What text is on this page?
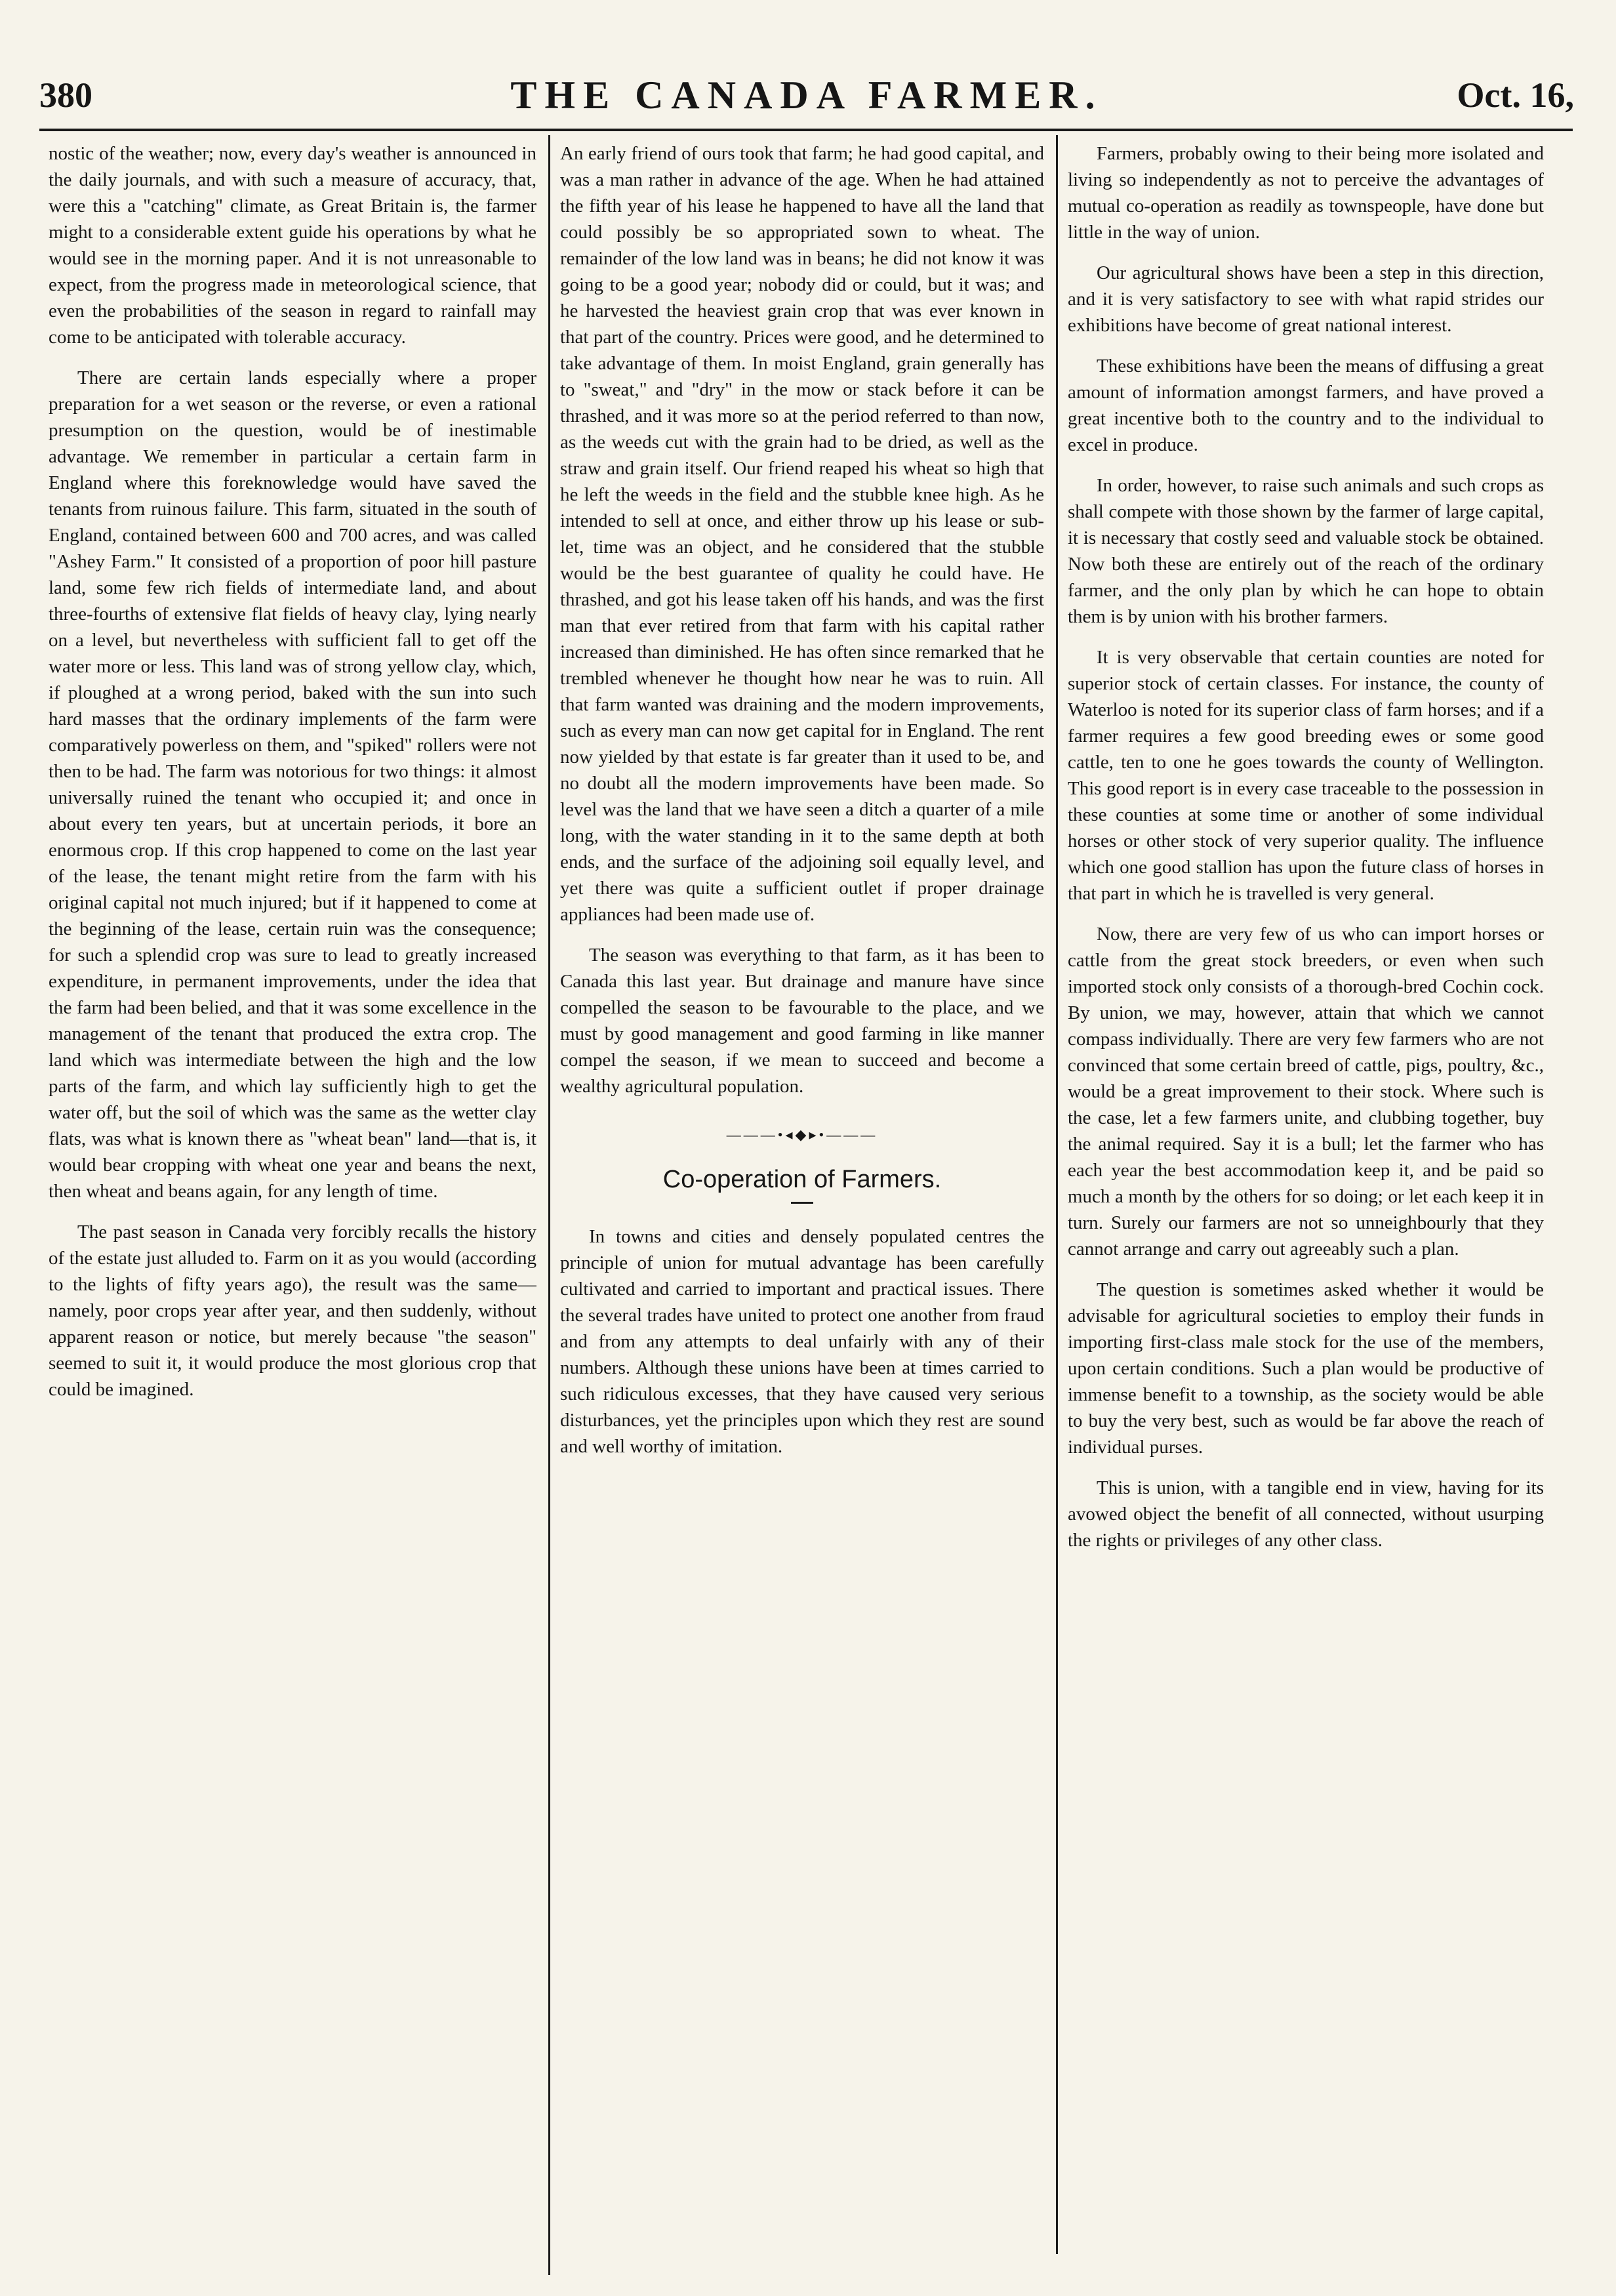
THE CANADA FARMER.
380	Oct. 16,

nostic of the weather; now, every day's weather is announced in the daily journals, and with such a measure of accuracy, that, were this a "catching" climate, as Great Britain is, the farmer might to a considerable extent guide his operations by what he would see in the morning paper. And it is not unreasonable to expect, from the progress made in meteorological science, that even the probabilities of the season in regard to rainfall may come to be anticipated with tolerable accuracy.

There are certain lands especially where a proper preparation for a wet season or the reverse, or even a rational presumption on the question, would be of inestimable advantage. We remember in particular a certain farm in England where this foreknowledge would have saved the tenants from ruinous failure. This farm, situated in the south of England, contained between 600 and 700 acres, and was called "Ashey Farm." It consisted of a proportion of poor hill pasture land, some few rich fields of intermediate land, and about three-fourths of extensive flat fields of heavy clay, lying nearly on a level, but nevertheless with sufficient fall to get off the water more or less. This land was of strong yellow clay, which, if ploughed at a wrong period, baked with the sun into such hard masses that the ordinary implements of the farm were comparatively powerless on them, and "spiked" rollers were not then to be had. The farm was notorious for two things: it almost universally ruined the tenant who occupied it; and once in about every ten years, but at uncertain periods, it bore an enormous crop. If this crop happened to come on the last year of the lease, the tenant might retire from the farm with his original capital not much injured; but if it happened to come at the beginning of the lease, certain ruin was the consequence; for such a splendid crop was sure to lead to greatly increased expenditure, in permanent improvements, under the idea that the farm had been belied, and that it was some excellence in the management of the tenant that produced the extra crop. The land which was intermediate between the high and the low parts of the farm, and which lay sufficiently high to get the water off, but the soil of which was the same as the wetter clay flats, was what is known there as "wheat bean" land—that is, it would bear cropping with wheat one year and beans the next, then wheat and beans again, for any length of time.

The past season in Canada very forcibly recalls the history of the estate just alluded to. Farm on it as you would (according to the lights of fifty years ago), the result was the same—namely, poor crops year after year, and then suddenly, without apparent reason or notice, but merely because "the season" seemed to suit it, it would produce the most glorious crop that could be imagined.

An early friend of ours took that farm; he had good capital, and was a man rather in advance of the age. When he had attained the fifth year of his lease he happened to have all the land that could possibly be so appropriated sown to wheat. The remainder of the low land was in beans; he did not know it was going to be a good year; nobody did or could, but it was; and he harvested the heaviest grain crop that was ever known in that part of the country. Prices were good, and he determined to take advantage of them. In moist England, grain generally has to "sweat," and "dry" in the mow or stack before it can be thrashed, and it was more so at the period referred to than now, as the weeds cut with the grain had to be dried, as well as the straw and grain itself. Our friend reaped his wheat so high that he left the weeds in the field and the stubble knee high. As he intended to sell at once, and either throw up his lease or sub-let, time was an object, and he considered that the stubble would be the best guarantee of quality he could have. He thrashed, and got his lease taken off his hands, and was the first man that ever retired from that farm with his capital rather increased than diminished. He has often since remarked that he trembled whenever he thought how near he was to ruin. All that farm wanted was draining and the modern improvements, such as every man can now get capital for in England. The rent now yielded by that estate is far greater than it used to be, and no doubt all the modern improvements have been made. So level was the land that we have seen a ditch a quarter of a mile long, with the water standing in it to the same depth at both ends, and the surface of the adjoining soil equally level, and yet there was quite a sufficient outlet if proper drainage appliances had been made use of.

The season was everything to that farm, as it has been to Canada this last year. But drainage and manure have since compelled the season to be favourable to the place, and we must by good management and good farming in like manner compel the season, if we mean to succeed and become a wealthy agricultural population.

———•◂◆▸•———
Co-operation of Farmers.

In towns and cities and densely populated centres the principle of union for mutual advantage has been carefully cultivated and carried to important and practical issues. There the several trades have united to protect one another from fraud and from any attempts to deal unfairly with any of their numbers. Although these unions have been at times carried to such ridiculous excesses, that they have caused very serious disturbances, yet the principles upon which they rest are sound and well worthy of imitation.

Farmers, probably owing to their being more isolated and living so independently as not to perceive the advantages of mutual co-operation as readily as townspeople, have done but little in the way of union.

Our agricultural shows have been a step in this direction, and it is very satisfactory to see with what rapid strides our exhibitions have become of great national interest.

These exhibitions have been the means of diffusing a great amount of information amongst farmers, and have proved a great incentive both to the country and to the individual to excel in produce.

In order, however, to raise such animals and such crops as shall compete with those shown by the farmer of large capital, it is necessary that costly seed and valuable stock be obtained. Now both these are entirely out of the reach of the ordinary farmer, and the only plan by which he can hope to obtain them is by union with his brother farmers.

It is very observable that certain counties are noted for superior stock of certain classes. For instance, the county of Waterloo is noted for its superior class of farm horses; and if a farmer requires a few good breeding ewes or some good cattle, ten to one he goes towards the county of Wellington. This good report is in every case traceable to the possession in these counties at some time or another of some individual horses or other stock of very superior quality. The influence which one good stallion has upon the future class of horses in that part in which he is travelled is very general.

Now, there are very few of us who can import horses or cattle from the great stock breeders, or even when such imported stock only consists of a thorough-bred Cochin cock. By union, we may, however, attain that which we cannot compass individually. There are very few farmers who are not convinced that some certain breed of cattle, pigs, poultry, &c., would be a great improvement to their stock. Where such is the case, let a few farmers unite, and clubbing together, buy the animal required. Say it is a bull; let the farmer who has each year the best accommodation keep it, and be paid so much a month by the others for so doing; or let each keep it in turn. Surely our farmers are not so unneighbourly that they cannot arrange and carry out agreeably such a plan.

The question is sometimes asked whether it would be advisable for agricultural societies to employ their funds in importing first-class male stock for the use of the members, upon certain conditions. Such a plan would be productive of immense benefit to a township, as the society would be able to buy the very best, such as would be far above the reach of individual purses.

This is union, with a tangible end in view, having for its avowed object the benefit of all connected, without usurping the rights or privileges of any other class.
